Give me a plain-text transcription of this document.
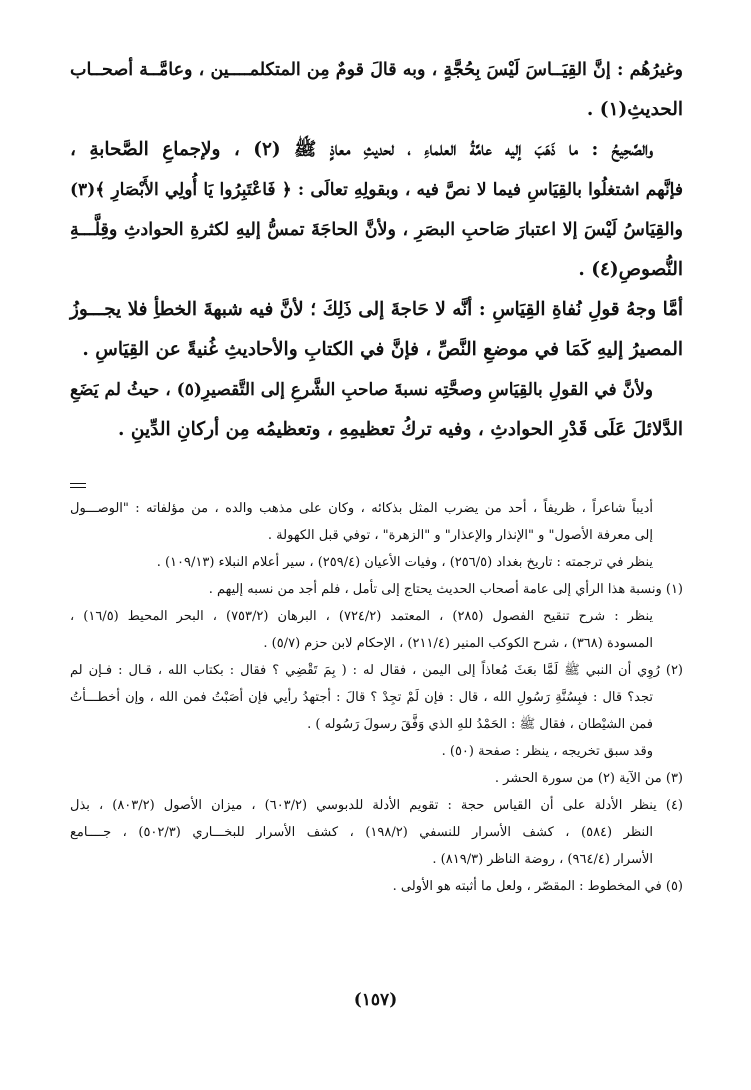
وغيرُهُم : إنَّ القِيَــاسَ لَيْسَ بِحُجَّةٍ ، وبه قالَ قومٌ مِن المتكلمــــين ، وعامَّــة أصحــاب
الحديثِ(١) .
والصَّحِيحُ : ما ذَهَبَ إليه عامَّةُ العلماءِ ، لحديثِ معاذٍ ﷺ (٢) ، ولإجماعِ الصَّحابةِ ،
فإنَّهم اشتغلُوا بالقِيَاسِ فيما لا نصَّ فيه ، وبقولِهِ تعالَى : ﴿ فَاعْتَبِرُوا يَا أُولِي الأَبْصَارِ ﴾(٣)
والقِيَاسُ لَيْسَ إلا اعتبارَ صَاحبِ البصَرِ ، ولأنَّ الحاجَةَ تمسُّ إليهِ لكثرةِ الحوادثِ وقِلَّـــةِ
النُّصوصِ(٤) .
أمَّا وجهُ قولِ نُفاةِ القِيَاسِ : أنَّه لا حَاجةَ إلى ذَلِكَ ؛ لأنَّ فيه شبهةَ الخطأِ فلا يجـــوزُ
المصيرُ إليهِ كَمَا في موضعِ النَّصِّ ، فإنَّ في الكتابِ والأحاديثِ غُنيةً عن القِيَاسِ .
ولأنَّ في القولِ بالقِيَاسِ وصحَّتِه نسبةَ صاحبِ الشَّرعِ إلى التَّقصيرِ(٥) ، حيثُ لم يَضَعِ
الدَّلائلَ عَلَى قَدْرِ الحوادثِ ، وفيه تركُ تعظيمِهِ ، وتعظيمُه مِن أركانِ الدِّينِ .
أديباً شاعراً ، ظريفاً ، أحد من يضرب المثل بذكائه ، وكان على مذهب والده ، من مؤلفاته : "الوصـــول
إلى معرفة الأصول" و "الإنذار والإعذار" و "الزهرة" ، توفي قبل الكهولة .
ينظر في ترجمته : تاريخ بغداد (٢٥٦/٥) ، وفيات الأعيان (٢٥٩/٤) ، سير أعلام النبلاء (١٠٩/١٣) .
(١) ونسبة هذا الرأي إلى عامة أصحاب الحديث يحتاج إلى تأمل ، فلم أجد من نسبه إليهم .
ينظر : شرح تنقيح الفصول (٢٨٥) ، المعتمد (٧٢٤/٢) ، البرهان (٧٥٣/٢) ، البحر المحيط (١٦/٥) ،
المسودة (٣٦٨) ، شرح الكوكب المنير (٢١١/٤) ، الإحكام لابن حزم (٥/٧) .
(٢) رُوِي أن النبي ﷺ لَمَّا بعَثَ مُعاذاً إلى اليمن ، فقال له : ( بِمَ تَقْضِي ؟ فقال : بكتاب الله ، قـال : فـإن لم
تجد؟ قال : فبِسُنَّةِ رَسُولِ الله ، قال : فإن لَمْ تجِدْ ؟ قالَ : أجتهدُ رأيي فإن أصَبْتُ فمن الله ، وإن أخطـــأتُ
فمن الشيْطان ، فقال ﷺ : الحَمْدُ للهِ الذي وَفَّقَ رسولَ رَسُوله ) .
وقد سبق تخريجه ، ينظر : صفحة (٥٠) .
(٣) من الآية (٢) من سورة الحشر .
(٤) ينظر الأدلة على أن القياس حجة : تقويم الأدلة للدبوسي (٦٠٣/٢) ، ميزان الأصول (٨٠٣/٢) ، بذل
النظر (٥٨٤) ، كشف الأسرار للنسفي (١٩٨/٢) ، كشف الأسرار للبخـــاري (٥٠٢/٣) ، جــــامع
الأسرار (٩٦٤/٤) ، روضة الناظر (٨١٩/٣) .
(٥) في المخطوط : المقصّر ، ولعل ما أثبته هو الأولى .
(١٥٧)
